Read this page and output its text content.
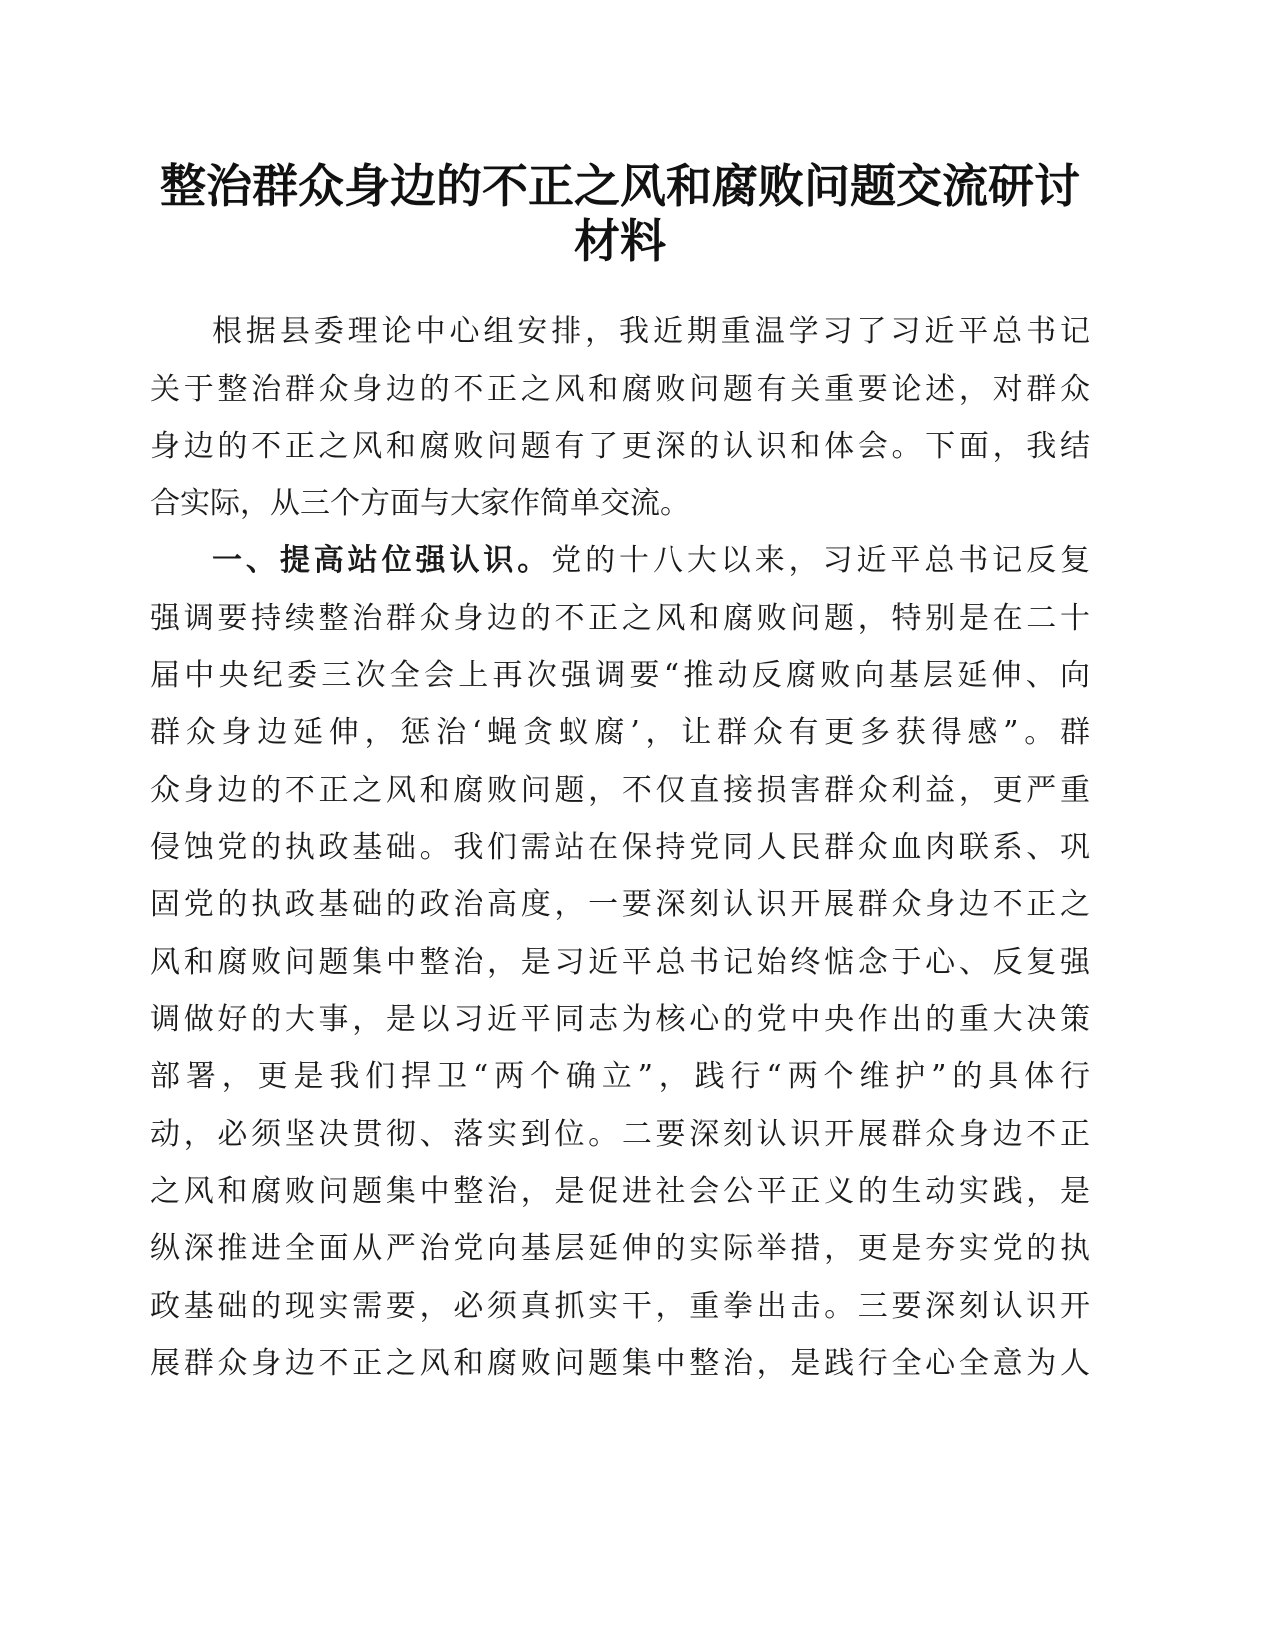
整治群众身边的不正之风和腐败问题交流研讨
材料

根据县委理论中心组安排，我近期重温学习了习近平总书记

关于整治群众身边的不正之风和腐败问题有关重要论述，对群众

身边的不正之风和腐败问题有了更深的认识和体会。下面，我结

合实际，从三个方面与大家作简单交流。

一、提高站位强认识。党的十八大以来，习近平总书记反复

强调要持续整治群众身边的不正之风和腐败问题，特别是在二十

届中央纪委三次全会上再次强调要“推动反腐败向基层延伸、向

群众身边延伸，惩治‘蝇贪蚁腐’，让群众有更多获得感”。群

众身边的不正之风和腐败问题，不仅直接损害群众利益，更严重

侵蚀党的执政基础。我们需站在保持党同人民群众血肉联系、巩

固党的执政基础的政治高度，一要深刻认识开展群众身边不正之

风和腐败问题集中整治，是习近平总书记始终惦念于心、反复强

调做好的大事，是以习近平同志为核心的党中央作出的重大决策

部署，更是我们捍卫“两个确立”，践行“两个维护”的具体行

动，必须坚决贯彻、落实到位。二要深刻认识开展群众身边不正

之风和腐败问题集中整治，是促进社会公平正义的生动实践，是

纵深推进全面从严治党向基层延伸的实际举措，更是夯实党的执

政基础的现实需要，必须真抓实干，重拳出击。三要深刻认识开

展群众身边不正之风和腐败问题集中整治，是践行全心全意为人
